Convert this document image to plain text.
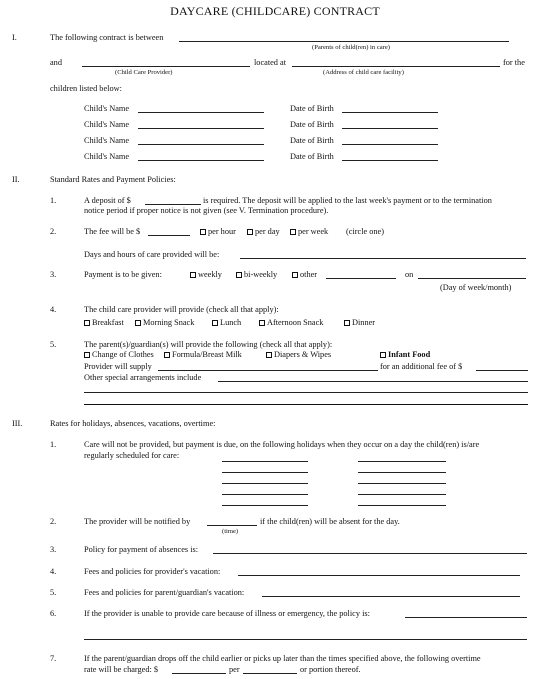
DAYCARE (CHILDCARE) CONTRACT
I.	The following contract is between
(Parents of child(ren) in care)
and	located at	for the
(Child Care Provider)	(Address of child care facility)
children listed below:
Child's Name	Date of Birth
Child's Name	Date of Birth
Child's Name	Date of Birth
Child's Name	Date of Birth
II.	Standard Rates and Payment Policies:
1.	A deposit of $	is required. The deposit will be applied to the last week's payment or to the termination
notice period if proper notice is not given (see V. Termination procedure).
2.	The fee will be $	per hour per day per week (circle one)
Days and hours of care provided will be:
3.	Payment is to be given:	weekly	bi-weekly	other	on
(Day of week/month)
4.	The child care provider will provide (check all that apply):
Breakfast Morning Snack	Lunch	Afternoon Snack	Dinner
5.	The parent(s)/guardian(s) will provide the following (check all that apply):
Change of Clothes Formula/Breast Milk	Diapers & Wipes	Infant Food
Provider will supply	for an additional fee of $
Other special arrangements include
III.	Rates for holidays, absences, vacations, overtime:
1.	Care will not be provided, but payment is due, on the following holidays when they occur on a day the child(ren) is/are
regularly scheduled for care:
2.	The provider will be notified by	if the child(ren) will be absent for the day.
(time)
3.	Policy for payment of absences is:
4.	Fees and policies for provider's vacation:
5.	Fees and policies for parent/guardian's vacation:
6.	If the provider is unable to provide care because of illness or emergency, the policy is:
7.	If the parent/guardian drops off the child earlier or picks up later than the times specified above, the following overtime
rate will be charged: $	per	or portion thereof.
